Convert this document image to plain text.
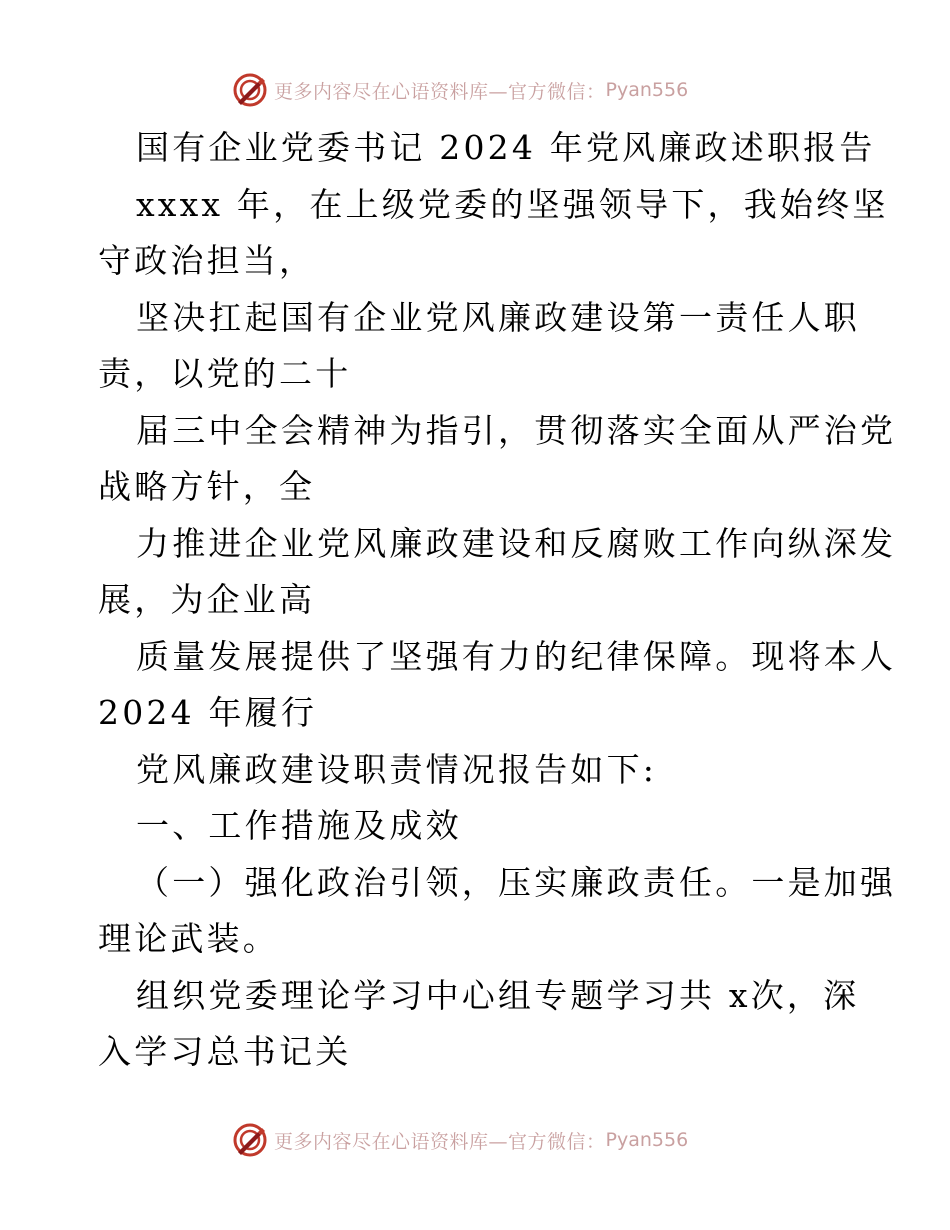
更多内容尽在心语资料库—官方微信： Pyan556
国有企业党委书记 2024 年党风廉政述职报告
xxxx 年，在上级党委的坚强领导下，我始终坚
守政治担当，
坚决扛起国有企业党风廉政建设第一责任人职
责，以党的二十
届三中全会精神为指引，贯彻落实全面从严治党
战略方针，全
力推进企业党风廉政建设和反腐败工作向纵深发
展，为企业高
质量发展提供了坚强有力的纪律保障。现将本人
2024 年履行
党风廉政建设职责情况报告如下:
一、工作措施及成效
（一）强化政治引领，压实廉政责任。一是加强
理论武装。
组织党委理论学习中心组专题学习共 x次，深
入学习总书记关
更多内容尽在心语资料库—官方微信： Pyan556
